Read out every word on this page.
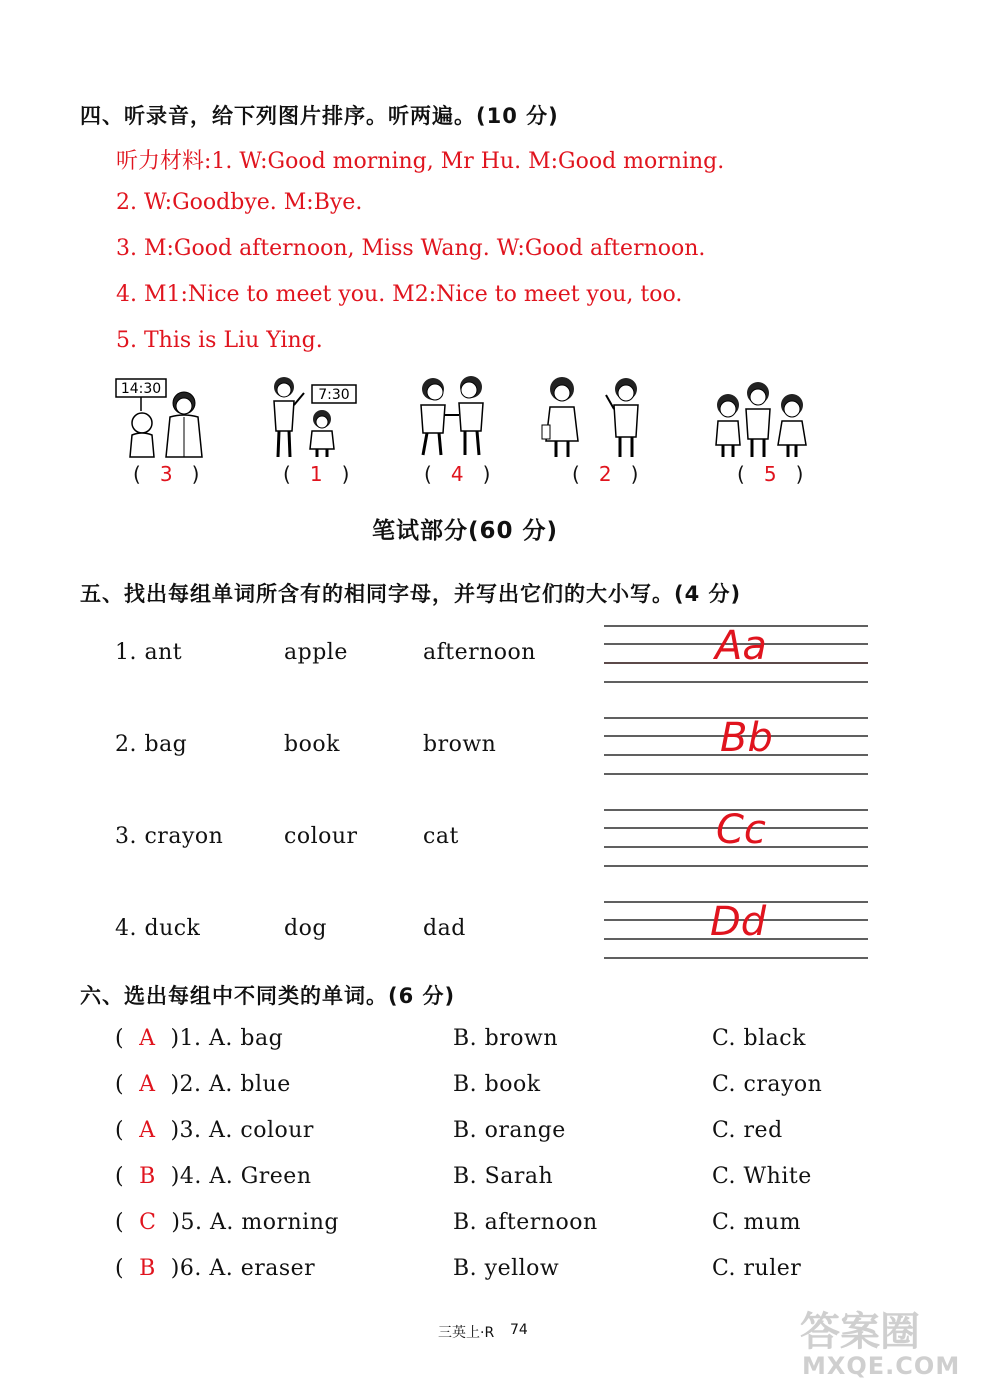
四、听录音，给下列图片排序。听两遍。(10 分)
听力材料:1. W:Good morning, Mr Hu. M:Good morning.
2. W:Goodbye. M:Bye.
3. M:Good afternoon, Miss Wang. W:Good afternoon.
4. M1:Nice to meet you. M2:Nice to meet you, too.
5. This is Liu Ying.
14:30	7:30
(   3   )	(   1   )	(   4   )	(   2   )	(   5   )
笔试部分(60 分)
五、找出每组单词所含有的相同字母，并写出它们的大小写。(4 分)
1. ant	apple	afternoon
2. bag	book	brown
3. crayon	colour	cat
4. duck	dog	dad
Aa
Bb
Cc
Dd
六、选出每组中不同类的单词。(6 分)
(  A )1. A. bag	B. brown	C. black
(  A )2. A. blue	B. book	C. crayon
(  A )3. A. colour	B. orange	C. red
(  B )4. A. Green	B. Sarah	C. White
(  C )5. A. morning	B. afternoon	C. mum
(  B )6. A. eraser	B. yellow	C. ruler
三英上·R 74	答案圈
MXQE.COM
